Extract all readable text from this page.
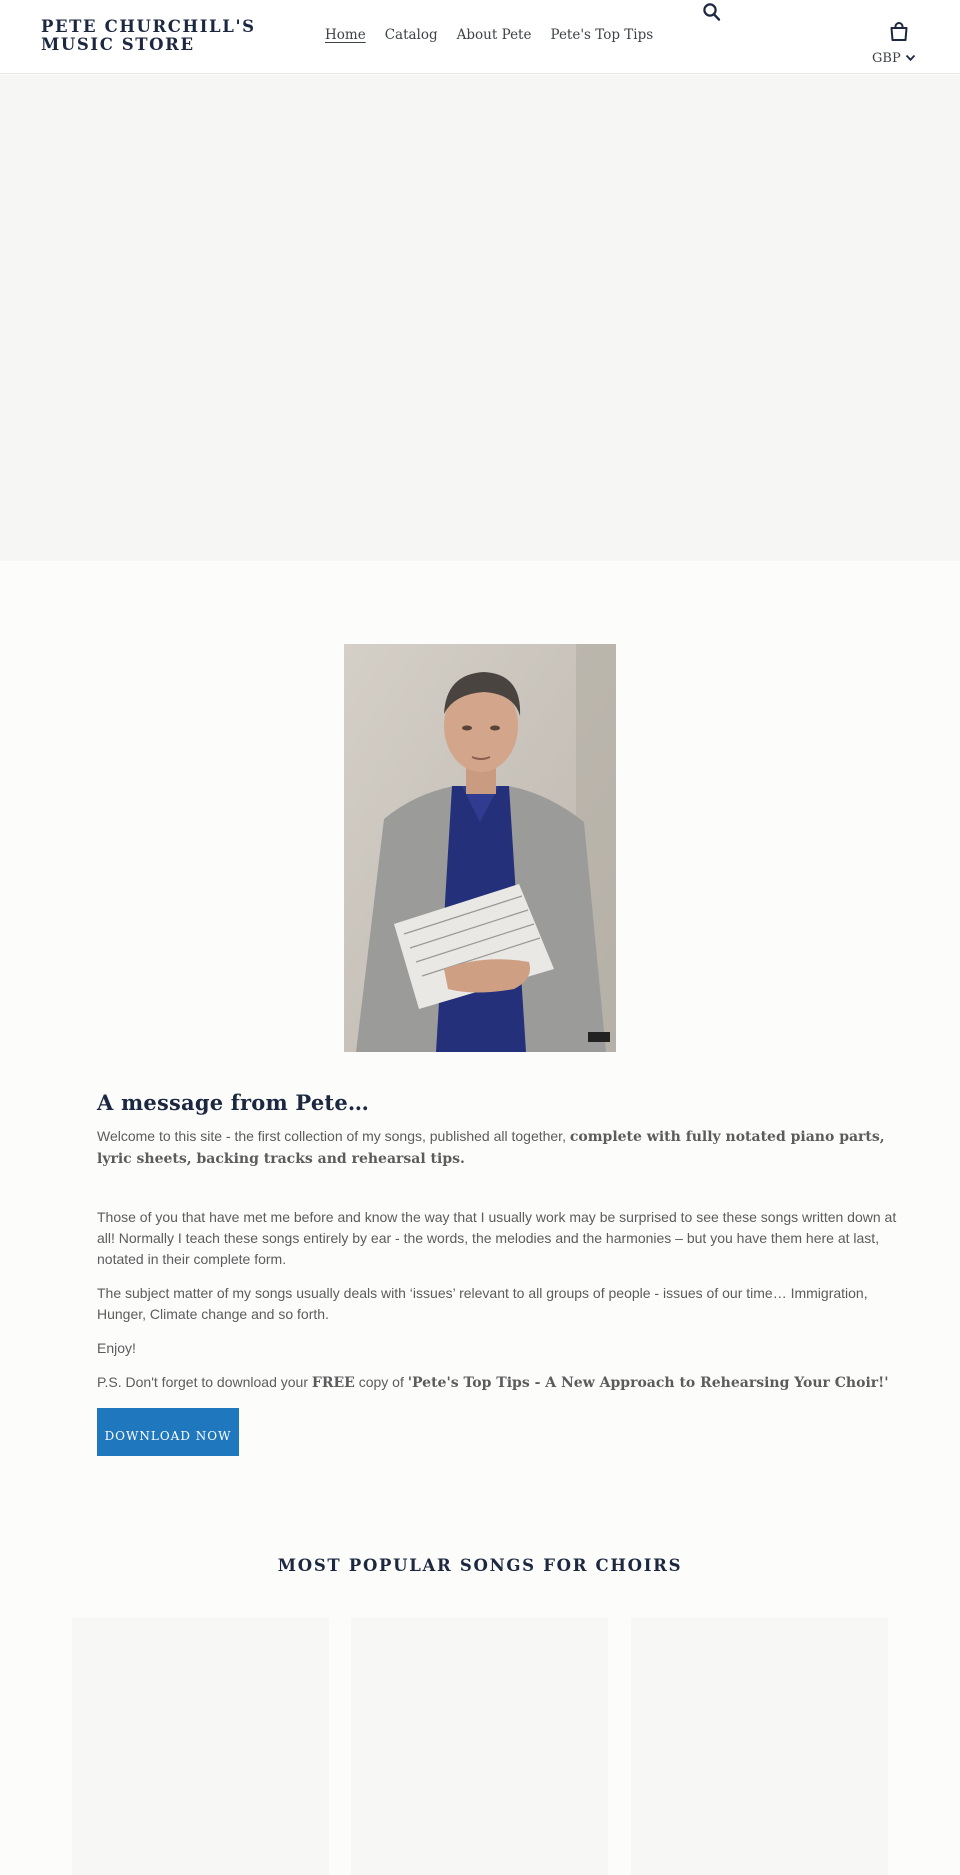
PETE CHURCHILL'S MUSIC STORE	Home Catalog About Pete Pete's Top Tips
GBP
A message from Pete…

Welcome to this site - the first collection of my songs, published all together, complete with fully notated piano parts, lyric sheets, backing tracks and rehearsal tips.

Those of you that have met me before and know the way that I usually work may be surprised to see these songs written down at all! Normally I teach these songs entirely by ear - the words, the melodies and the harmonies – but you have them here at last, notated in their complete form.

The subject matter of my songs usually deals with ‘issues’ relevant to all groups of people - issues of our time… Immigration, Hunger, Climate change and so forth.

Enjoy!

P.S. Don't forget to download your FREE copy of 'Pete's Top Tips - A New Approach to Rehearsing Your Choir!'

DOWNLOAD NOW
MOST POPULAR SONGS FOR CHOIRS
